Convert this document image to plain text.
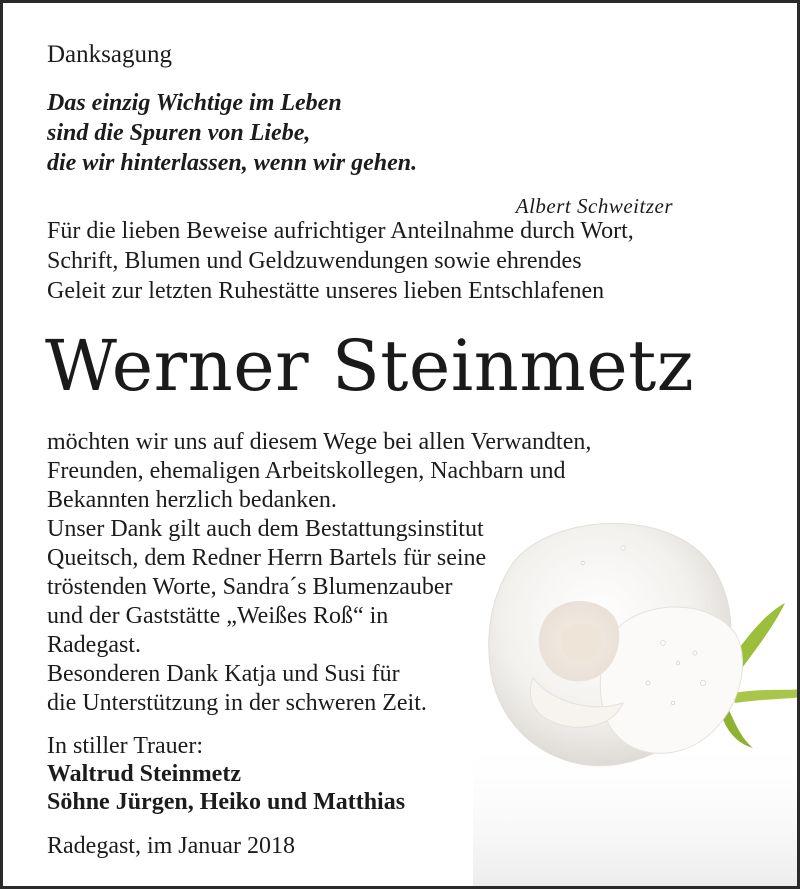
Danksagung

Das einzig Wichtige im Leben

sind die Spuren von Liebe,

die wir hinterlassen, wenn wir gehen.

Albert Schweitzer

Für die lieben Beweise aufrichtiger Anteilnahme durch Wort,

Schrift, Blumen und Geldzuwendungen sowie ehrendes

Geleit zur letzten Ruhestätte unseres lieben Entschlafenen

Werner Steinmetz

möchten wir uns auf diesem Wege bei allen Verwandten,

Freunden, ehemaligen Arbeitskollegen, Nachbarn und

Bekannten herzlich bedanken.

Unser Dank gilt auch dem Bestattungsinstitut

Queitsch, dem Redner Herrn Bartels für seine

tröstenden Worte, Sandra´s Blumenzauber

und der Gaststätte „Weißes Roß“ in

Radegast.

Besonderen Dank Katja und Susi für

die Unterstützung in der schweren Zeit.

In stiller Trauer:

Waltrud Steinmetz

Söhne Jürgen, Heiko und Matthias

Radegast, im Januar 2018
